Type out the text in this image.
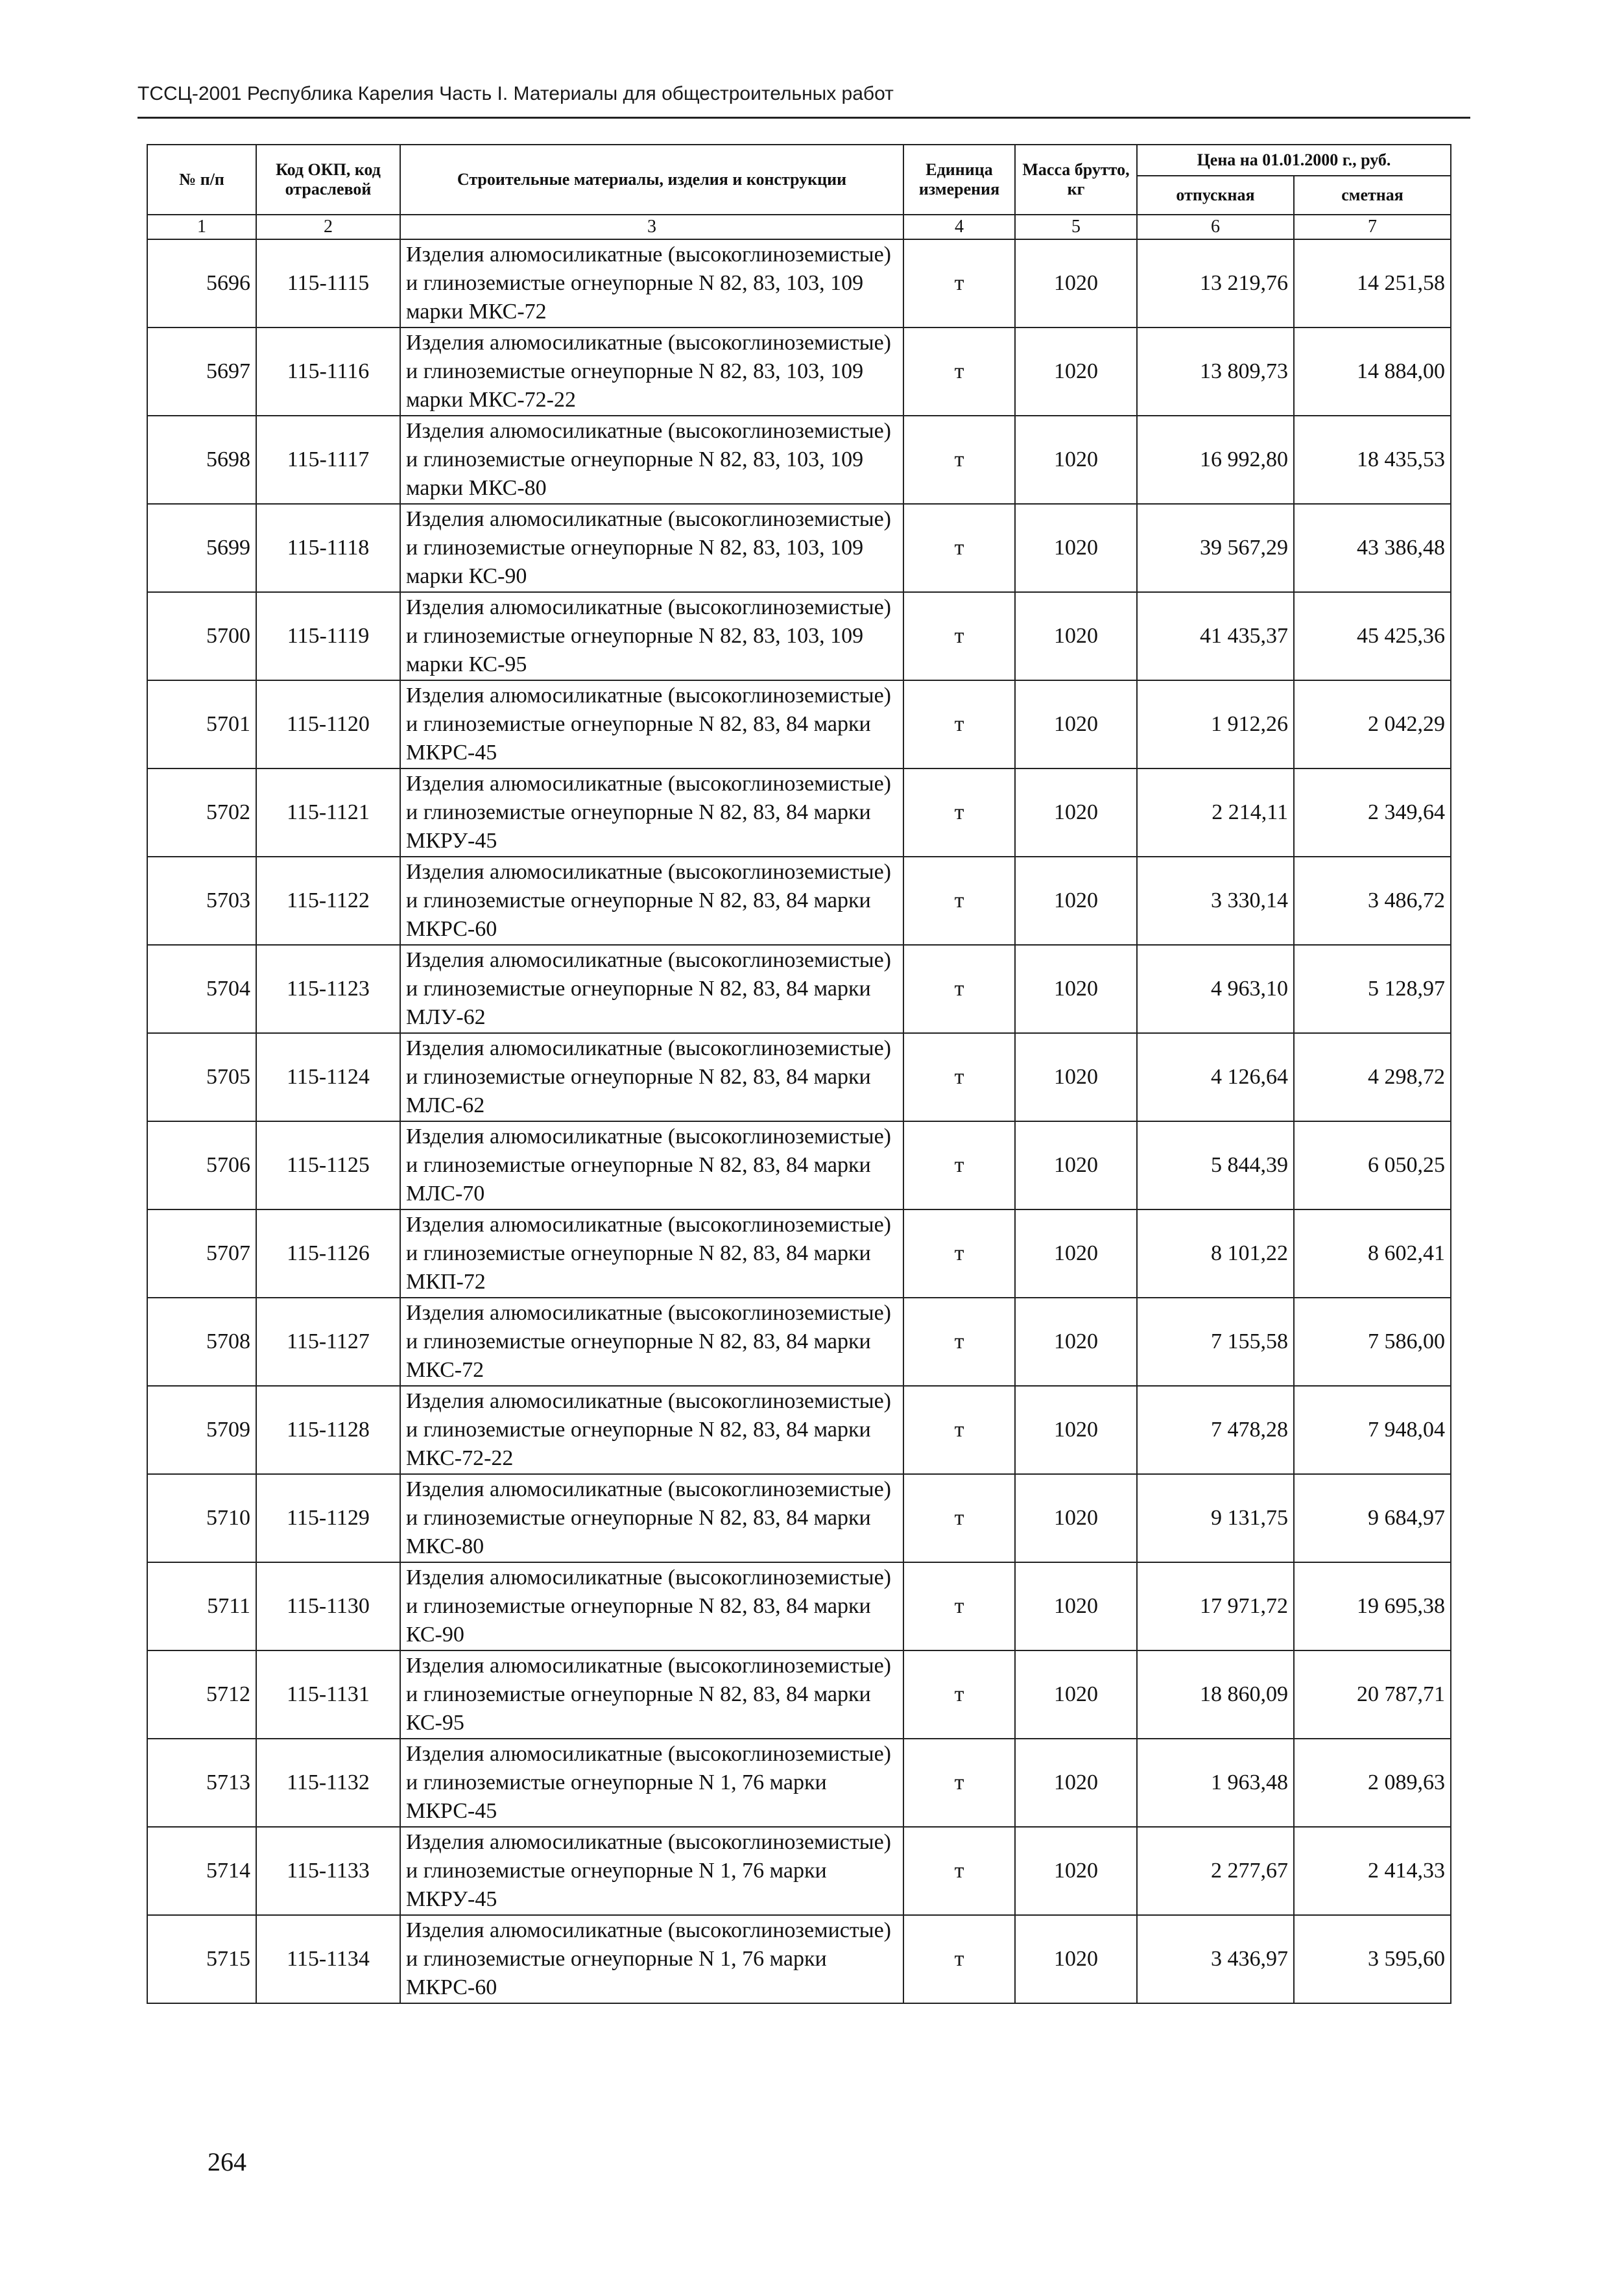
ТССЦ-2001 Республика Карелия Часть I. Материалы для общестроительных работ
№ п/п	Код ОКП, код отраслевой	Строительные материалы, изделия и конструкции	Единица измерения	Масса брутто, кг	Цена на 01.01.2000 г., руб.	
					отпускная	сметная
1	2	3	4	5	6	7
5696	115-1115	Изделия алюмосиликатные (высокоглиноземистые) и глиноземистые огнеупорные N 82, 83, 103, 109 марки МКС-72	т	1020	13 219,76	14 251,58
5697	115-1116	Изделия алюмосиликатные (высокоглиноземистые) и глиноземистые огнеупорные N 82, 83, 103, 109 марки МКС-72-22	т	1020	13 809,73	14 884,00
5698	115-1117	Изделия алюмосиликатные (высокоглиноземистые) и глиноземистые огнеупорные N 82, 83, 103, 109 марки МКС-80	т	1020	16 992,80	18 435,53
5699	115-1118	Изделия алюмосиликатные (высокоглиноземистые) и глиноземистые огнеупорные N 82, 83, 103, 109 марки КС-90	т	1020	39 567,29	43 386,48
5700	115-1119	Изделия алюмосиликатные (высокоглиноземистые) и глиноземистые огнеупорные N 82, 83, 103, 109 марки КС-95	т	1020	41 435,37	45 425,36
5701	115-1120	Изделия алюмосиликатные (высокоглиноземистые) и глиноземистые огнеупорные N 82, 83, 84 марки МКРС-45	т	1020	1 912,26	2 042,29
5702	115-1121	Изделия алюмосиликатные (высокоглиноземистые) и глиноземистые огнеупорные N 82, 83, 84 марки МКРУ-45	т	1020	2 214,11	2 349,64
5703	115-1122	Изделия алюмосиликатные (высокоглиноземистые) и глиноземистые огнеупорные N 82, 83, 84 марки МКРС-60	т	1020	3 330,14	3 486,72
5704	115-1123	Изделия алюмосиликатные (высокоглиноземистые) и глиноземистые огнеупорные N 82, 83, 84 марки МЛУ-62	т	1020	4 963,10	5 128,97
5705	115-1124	Изделия алюмосиликатные (высокоглиноземистые) и глиноземистые огнеупорные N 82, 83, 84 марки МЛС-62	т	1020	4 126,64	4 298,72
5706	115-1125	Изделия алюмосиликатные (высокоглиноземистые) и глиноземистые огнеупорные N 82, 83, 84 марки МЛС-70	т	1020	5 844,39	6 050,25
5707	115-1126	Изделия алюмосиликатные (высокоглиноземистые) и глиноземистые огнеупорные N 82, 83, 84 марки МКП-72	т	1020	8 101,22	8 602,41
5708	115-1127	Изделия алюмосиликатные (высокоглиноземистые) и глиноземистые огнеупорные N 82, 83, 84 марки МКС-72	т	1020	7 155,58	7 586,00
5709	115-1128	Изделия алюмосиликатные (высокоглиноземистые) и глиноземистые огнеупорные N 82, 83, 84 марки МКС-72-22	т	1020	7 478,28	7 948,04
5710	115-1129	Изделия алюмосиликатные (высокоглиноземистые) и глиноземистые огнеупорные N 82, 83, 84 марки МКС-80	т	1020	9 131,75	9 684,97
5711	115-1130	Изделия алюмосиликатные (высокоглиноземистые) и глиноземистые огнеупорные N 82, 83, 84 марки КС-90	т	1020	17 971,72	19 695,38
5712	115-1131	Изделия алюмосиликатные (высокоглиноземистые) и глиноземистые огнеупорные N 82, 83, 84 марки КС-95	т	1020	18 860,09	20 787,71
5713	115-1132	Изделия алюмосиликатные (высокоглиноземистые) и глиноземистые огнеупорные N 1, 76 марки МКРС-45	т	1020	1 963,48	2 089,63
5714	115-1133	Изделия алюмосиликатные (высокоглиноземистые) и глиноземистые огнеупорные N 1, 76 марки МКРУ-45	т	1020	2 277,67	2 414,33
5715	115-1134	Изделия алюмосиликатные (высокоглиноземистые) и глиноземистые огнеупорные N 1, 76 марки МКРС-60	т	1020	3 436,97	3 595,60
264
